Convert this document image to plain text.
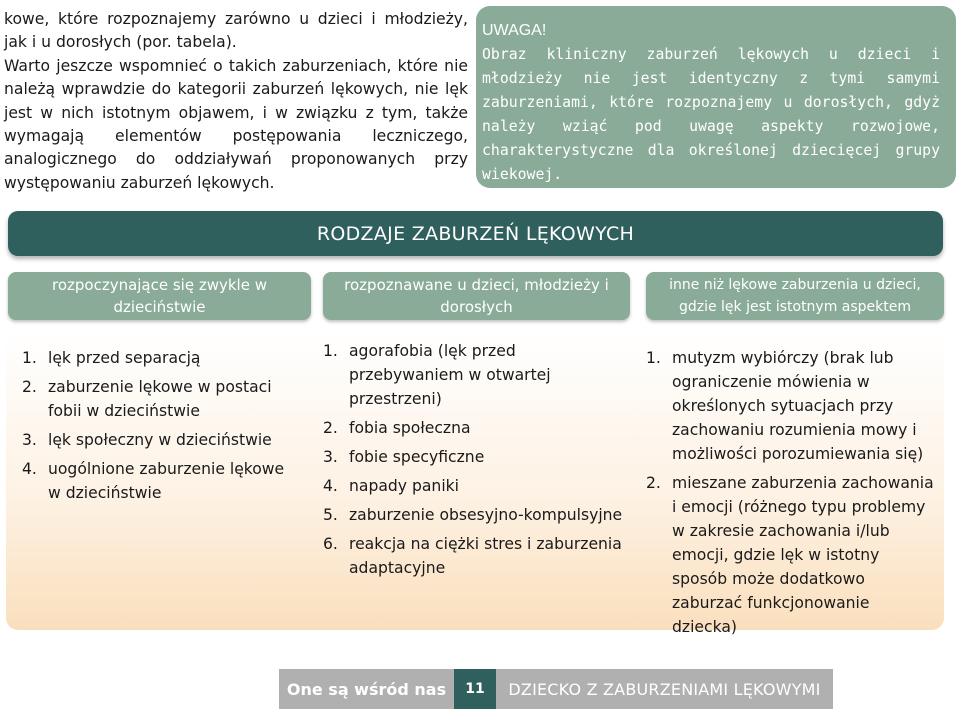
kowe, które rozpoznajemy zarówno u dzieci i młodzieży, jak i u dorosłych (por. tabela).

Warto jeszcze wspomnieć o takich zaburzeniach, które nie należą wprawdzie do kategorii zaburzeń lękowych, nie lęk jest w nich istotnym objawem, i w związku z tym, także wymagają elementów postępowania leczniczego, analogicznego do oddziaływań proponowanych przy występowaniu zaburzeń lękowych.

UWAGA!
Obraz kliniczny zaburzeń lękowych u dzieci i młodzieży nie jest identyczny z tymi samymi zaburzeniami, które rozpoznajemy u dorosłych, gdyż należy wziąć pod uwagę aspekty rozwojowe, charakterystyczne dla określonej dziecięcej grupy wiekowej.
RODZAJE ZABURZEŃ LĘKOWYCH
rozpoczynające się zwykle w dzieciństwie
rozpoznawane u dzieci, młodzieży i dorosłych
inne niż lękowe zaburzenia u dzieci, gdzie lęk jest istotnym aspektem
1. lęk przed separacją
2. zaburzenie lękowe w postaci fobii w dzieciństwie
3. lęk społeczny w dzieciństwie
4. uogólnione zaburzenie lękowe w dzieciństwie
1. agorafobia (lęk przed przebywaniem w otwartej przestrzeni)
2. fobia społeczna
3. fobie specyficzne
4. napady paniki
5. zaburzenie obsesyjno-kompulsyjne
6. reakcja na ciężki stres i zaburzenia adaptacyjne
1. mutyzm wybiórczy (brak lub ograniczenie mówienia w określonych sytuacjach przy zachowaniu rozumienia mowy i możliwości porozumiewania się)
2. mieszane zaburzenia zachowania i emocji (różnego typu problemy w zakresie zachowania i/lub emocji, gdzie lęk w istotny sposób może dodatkowo zaburzać funkcjonowanie dziecka)
One są wśród nas	11	DZIECKO Z ZABURZENIAMI LĘKOWYMI
